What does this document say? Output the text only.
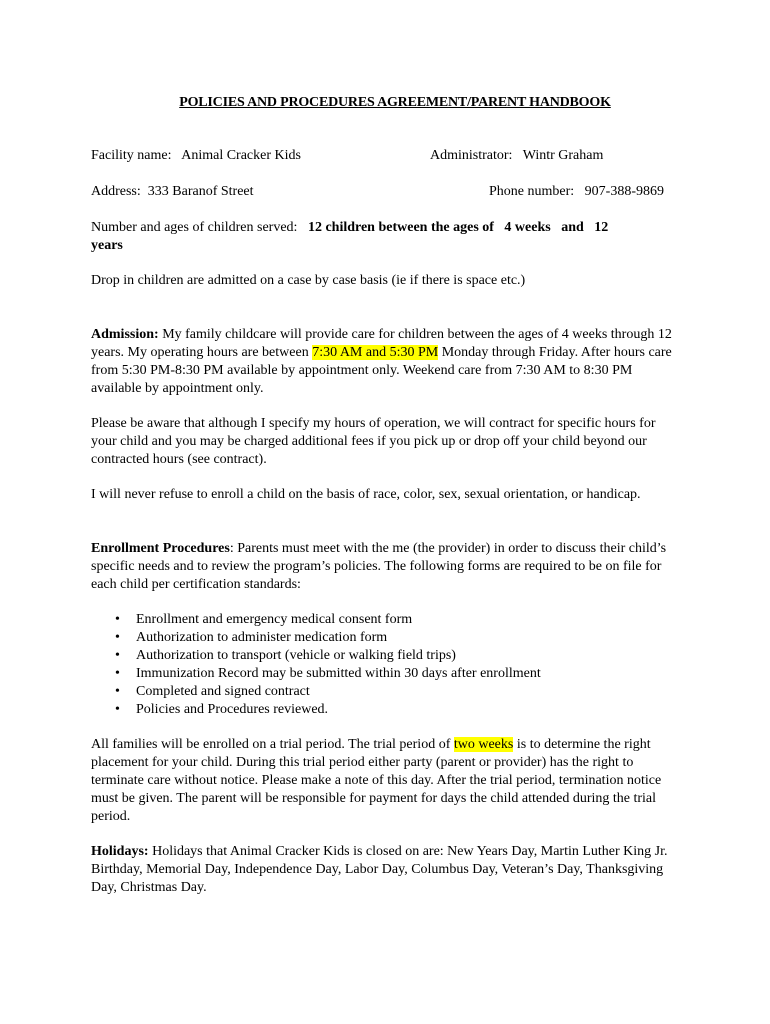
POLICIES AND PROCEDURES AGREEMENT/PARENT HANDBOOK
Facility name: Animal Cracker Kids	Administrator: Wintr Graham
Address: 333 Baranof Street	Phone number: 907-388-9869

Number and ages of children served: 12 children between the ages of   4 weeks   and   12

years

Drop in children are admitted on a case by case basis (ie if there is space etc.)

Admission: My family childcare will provide care for children between the ages of 4 weeks through 12 years. My operating hours are between 7:30 AM and 5:30 PM Monday through Friday. After hours care from 5:30 PM-8:30 PM available by appointment only. Weekend care from 7:30 AM to 8:30 PM available by appointment only.

Please be aware that although I specify my hours of operation, we will contract for specific hours for your child and you may be charged additional fees if you pick up or drop off your child beyond our contracted hours (see contract).

I will never refuse to enroll a child on the basis of race, color, sex, sexual orientation, or handicap.

Enrollment Procedures: Parents must meet with the me (the provider) in order to discuss their child’s specific needs and to review the program’s policies. The following forms are required to be on file for each child per certification standards:

• Enrollment and emergency medical consent form
• Authorization to administer medication form
• Authorization to transport (vehicle or walking field trips)
• Immunization Record may be submitted within 30 days after enrollment
• Completed and signed contract
• Policies and Procedures reviewed.

All families will be enrolled on a trial period. The trial period of two weeks is to determine the right placement for your child. During this trial period either party (parent or provider) has the right to terminate care without notice. Please make a note of this day. After the trial period, termination notice must be given. The parent will be responsible for payment for days the child attended during the trial period.

Holidays: Holidays that Animal Cracker Kids is closed on are: New Years Day, Martin Luther King Jr. Birthday, Memorial Day, Independence Day, Labor Day, Columbus Day, Veteran’s Day, Thanksgiving Day, Christmas Day.
